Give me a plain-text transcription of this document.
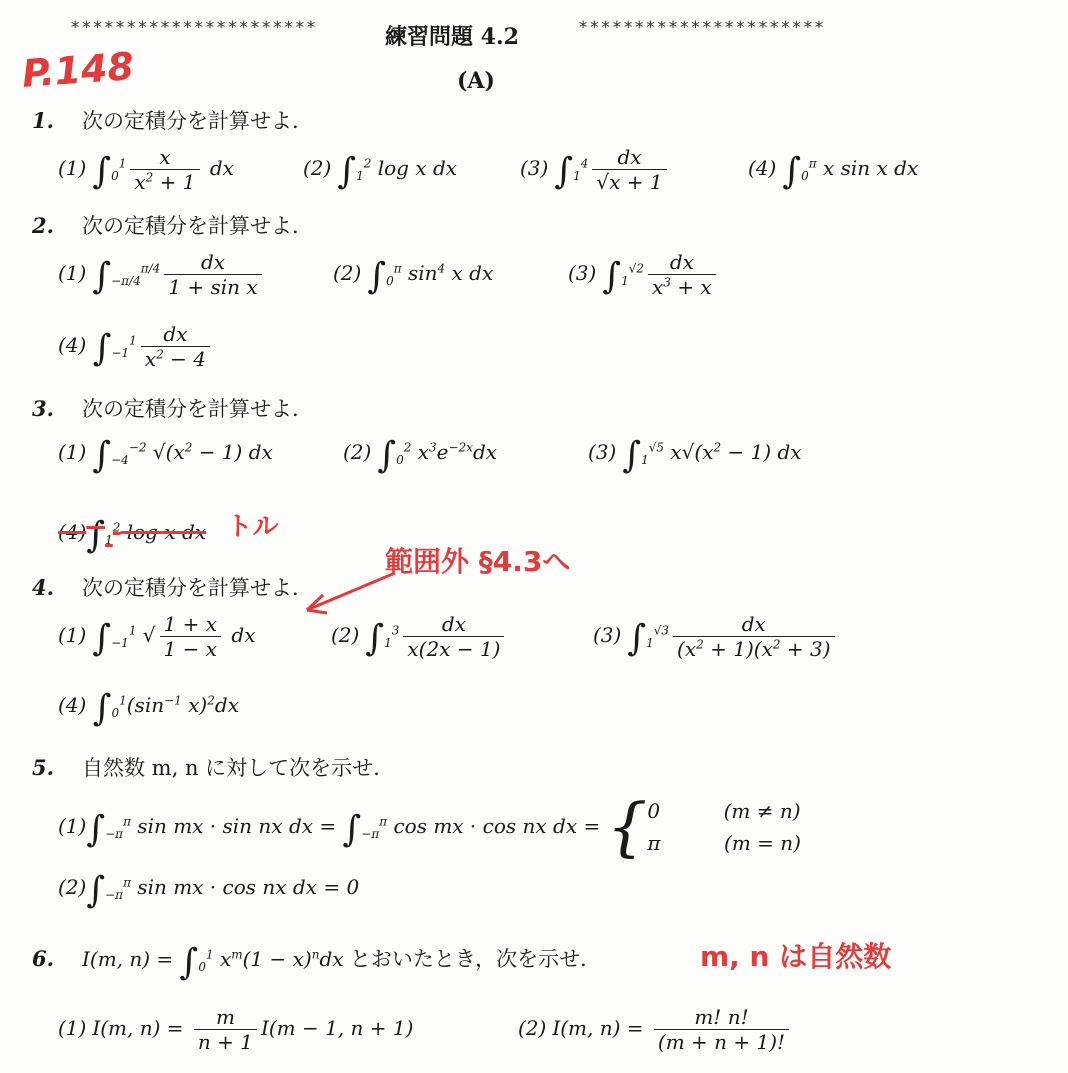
**********************	練習問題 4.2	**********************
(A)
P.148
1. 次の定積分を計算せよ.
(1) $\int_0^1 \frac{x}{x^2 + 1}$ dx	(2) $\int_1^2$ log x dx	(3) $\int_1^4 \frac{dx}{√x + 1}$	(4) $\int_0^\pi$ x sin x dx
2. 次の定積分を計算せよ.
(1) $\int_{-\pi/4}^{\pi/4} \frac{dx}{\text{1 + sin x}}$	(2) $\int_0^\pi$ $\sin^4 x$ dx	(3) $\int_1^{√2} \frac{dx}{x^3 + x}$
(4) $\int_{-1}^1 \frac{dx}{x^2 - 4}$
3. 次の定積分を計算せよ.
(1) $\int_{-4}^{-2}$ $√(x^2 - 1)$ dx	(2) $\int_0^2$ $x^3e^{-2x}dx$	(3) $\int_1^{√5}$ $x√(x^2 - 1)$ dx
$(4)\int_1^2$ log x dx トル
範囲外 §4.3へ
4. 次の定積分を計算せよ.
(1) $\int_{-1}^1$ √ $\frac{1 + x}{1 - x}$ dx	(2) $\int_1^3 \frac{dx}{x(2x - 1)}$	(3) $\int_1^{√3} \frac{dx}{(x^2 + 1)(x^2 + 3)}$
(4) $\int_0^1(\sin^{-1}$ x)$^2$dx
5. 自然数 m, n に対して次を示せ.
$(1)\int_{-\pi}^\pi$ sin mx · sin nx dx = $\int_{-\pi}^\pi$ cos mx · cos nx dx = { 0          (m ≠ n)
π          (m = n)
$(2)\int_{-\pi}^\pi$ sin mx · cos nx dx = 0
6. I(m, $n) = \int_0^1$ $x^m(1 - x)^ndx$ とおいたとき，次を示せ.	m, n は自然数
(1) I(m, $n) = \frac{m}{n + 1} I(m - 1$, n + 1)	(2) I(m, $n) = \frac{m! n!}{(m + n + 1)!}$
